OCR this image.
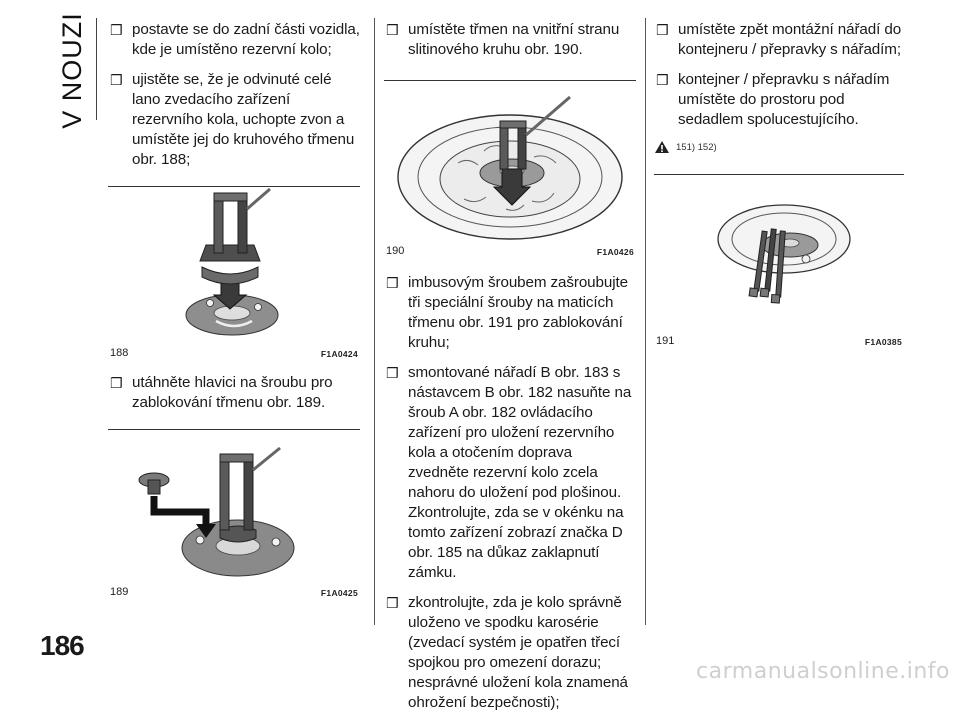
V NOUZI
186
❒ postavte se do zadní části vozidla, kde je umístěno rezervní kolo;
❒ ujistěte se, že je odvinuté celé lano zvedacího zařízení rezervního kola, uchopte zvon a umístěte jej do kruhového třmenu obr. 188;
188	F1A0424
❒ utáhněte hlavici na šroubu pro zablokování třmenu obr. 189.
189	F1A0425
❒ umístěte třmen na vnitřní stranu slitinového kruhu obr. 190.
190	F1A0426
❒ imbusovým šroubem zašroubujte tři speciální šrouby na maticích třmenu obr. 191 pro zablokování kruhu;
❒ smontované nářadí B obr. 183 s nástavcem B obr. 182 nasuňte na šroub A obr. 182 ovládacího zařízení pro uložení rezervního kola a otočením doprava zvedněte rezervní kolo zcela nahoru do uložení pod plošinou. Zkontrolujte, zda se v okénku na tomto zařízení zobrazí značka D obr. 185 na důkaz zaklapnutí zámku.
❒ zkontrolujte, zda je kolo správně uloženo ve spodku karosérie (zvedací systém je opatřen třecí spojkou pro omezení dorazu; nesprávné uložení kola znamená ohrožení bezpečnosti);
❒ umístěte zpět montážní nářadí do kontejneru / přepravky s nářadím;
❒ kontejner / přepravku s nářadím umístěte do prostoru pod sedadlem spolucestujícího.
151) 152)
191	F1A0385
carmanualsonline.info
